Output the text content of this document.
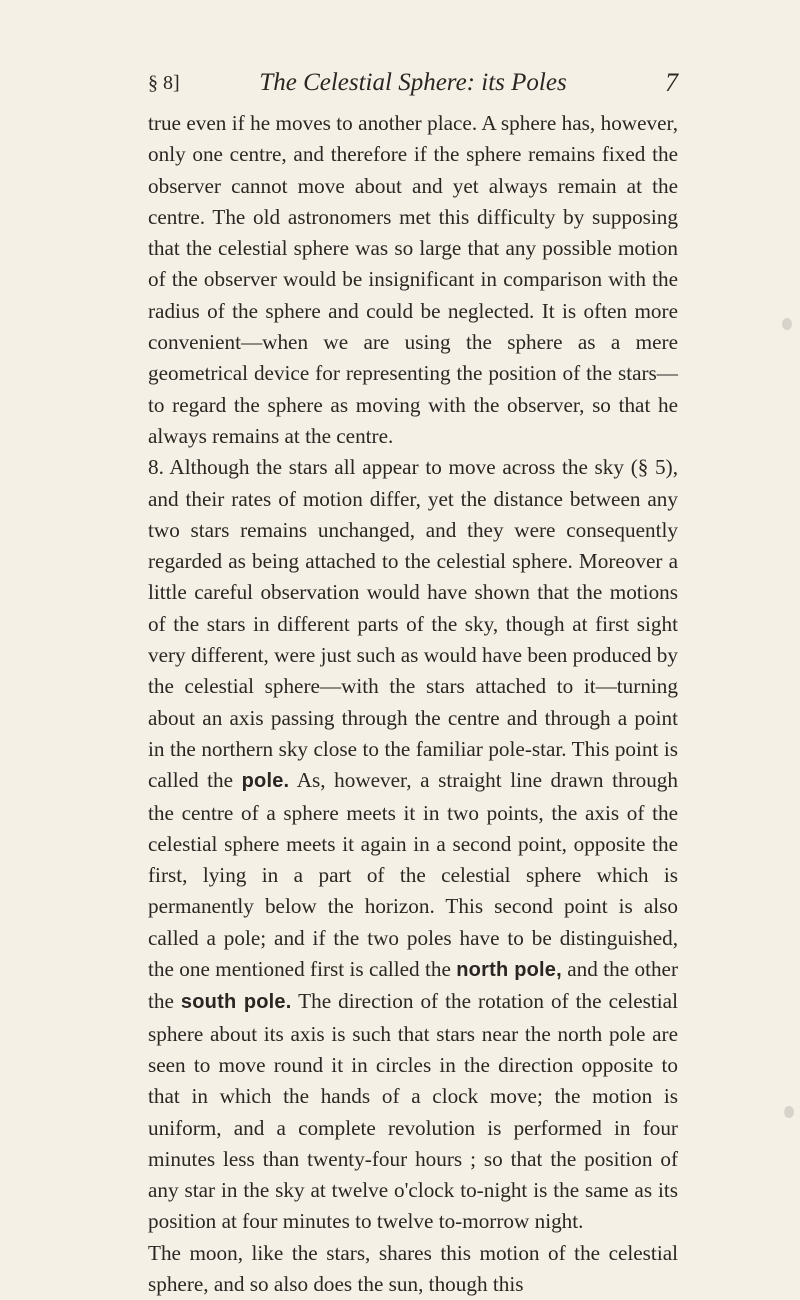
§ 8]	The Celestial Sphere: its Poles	7

true even if he moves to another place. A sphere has, however, only one centre, and therefore if the sphere remains fixed the observer cannot move about and yet always remain at the centre. The old astronomers met this difficulty by supposing that the celestial sphere was so large that any possible motion of the observer would be insignificant in comparison with the radius of the sphere and could be neglected. It is often more convenient—when we are using the sphere as a mere geometrical device for representing the position of the stars—to regard the sphere as moving with the observer, so that he always remains at the centre.

8. Although the stars all appear to move across the sky (§ 5), and their rates of motion differ, yet the distance between any two stars remains unchanged, and they were consequently regarded as being attached to the celestial sphere. Moreover a little careful observation would have shown that the motions of the stars in different parts of the sky, though at first sight very different, were just such as would have been produced by the celestial sphere—with the stars attached to it—turning about an axis passing through the centre and through a point in the northern sky close to the familiar pole-star. This point is called the pole. As, however, a straight line drawn through the centre of a sphere meets it in two points, the axis of the celestial sphere meets it again in a second point, opposite the first, lying in a part of the celestial sphere which is permanently below the horizon. This second point is also called a pole; and if the two poles have to be distinguished, the one mentioned first is called the north pole, and the other the south pole. The direction of the rotation of the celestial sphere about its axis is such that stars near the north pole are seen to move round it in circles in the direction opposite to that in which the hands of a clock move; the motion is uniform, and a complete revolution is performed in four minutes less than twenty-four hours ; so that the position of any star in the sky at twelve o'clock to-night is the same as its position at four minutes to twelve to-morrow night.

The moon, like the stars, shares this motion of the celestial sphere, and so also does the sun, though this
